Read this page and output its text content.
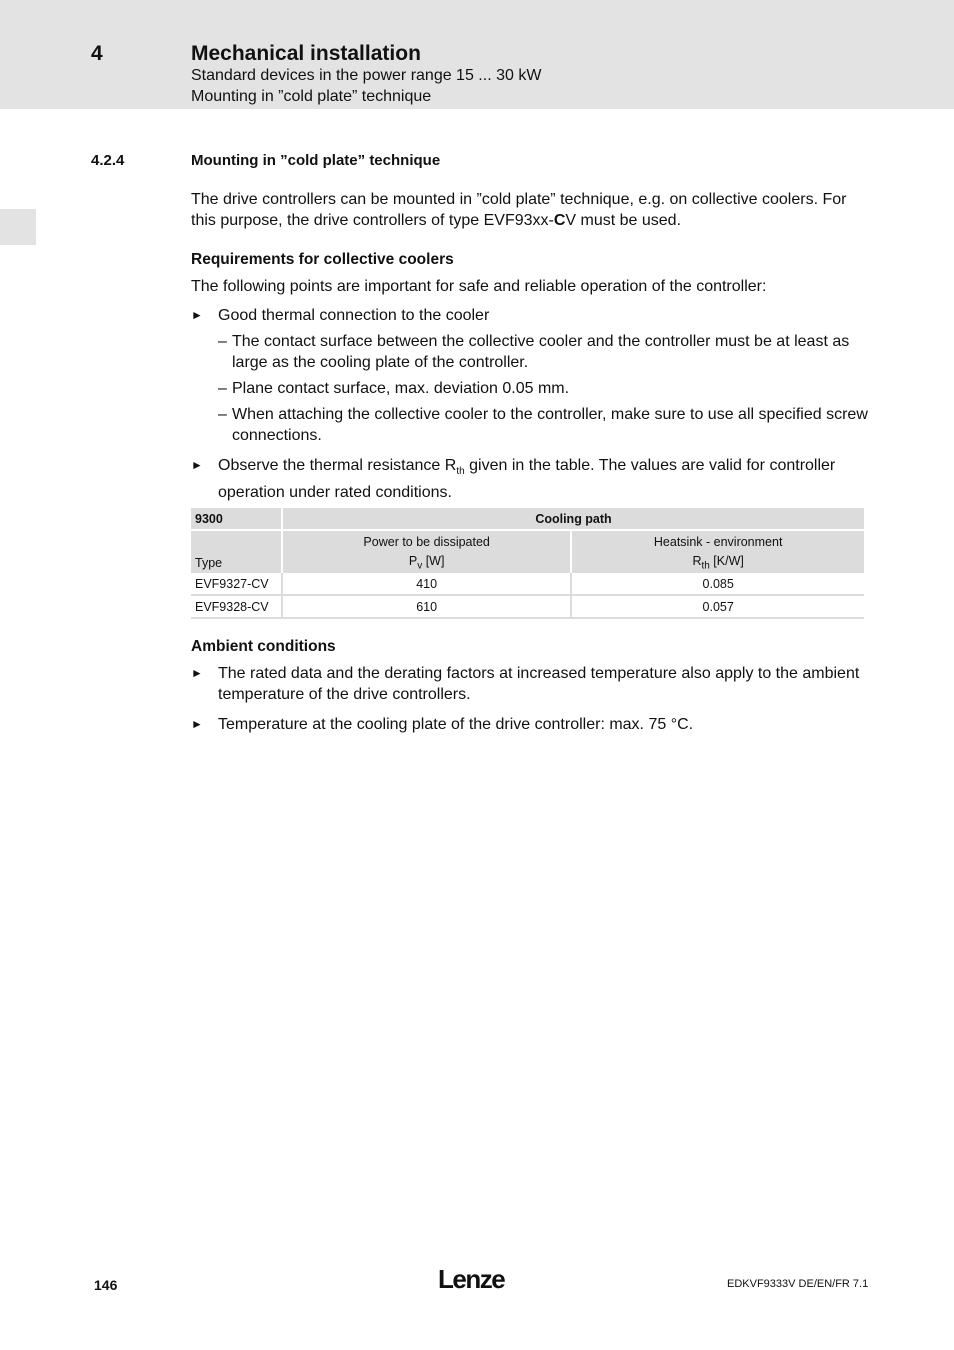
4	Mechanical installation
Standard devices in the power range 15 ... 30 kW
Mounting in ”cold plate” technique
4.2.4	Mounting in ”cold plate” technique

The drive controllers can be mounted in ”cold plate” technique, e.g. on collective coolers. For this purpose, the drive controllers of type EVF93xx-CV must be used.

Requirements for collective coolers

The following points are important for safe and reliable operation of the controller:

► Good thermal connection to the cooler

– The contact surface between the collective cooler and the controller must be at least as large as the cooling plate of the controller.

– Plane contact surface, max. deviation 0.05 mm.

– When attaching the collective cooler to the controller, make sure to use all specified screw connections.

► Observe the thermal resistance $R_{th}$ given in the table. The values are valid for controller operation under rated conditions.

9300	Cooling path	
	Power to be dissipated	Heatsink - environment
Type	$P_v$ [W]	$R_{th}$ [K/W]
EVF9327-CV	410	0.085
EVF9328-CV	610	0.057

Ambient conditions

► The rated data and the derating factors at increased temperature also apply to the ambient temperature of the drive controllers.

► Temperature at the cooling plate of the drive controller: max. 75 °C.

146	Lenze	EDKVF9333V DE/EN/FR 7.1
